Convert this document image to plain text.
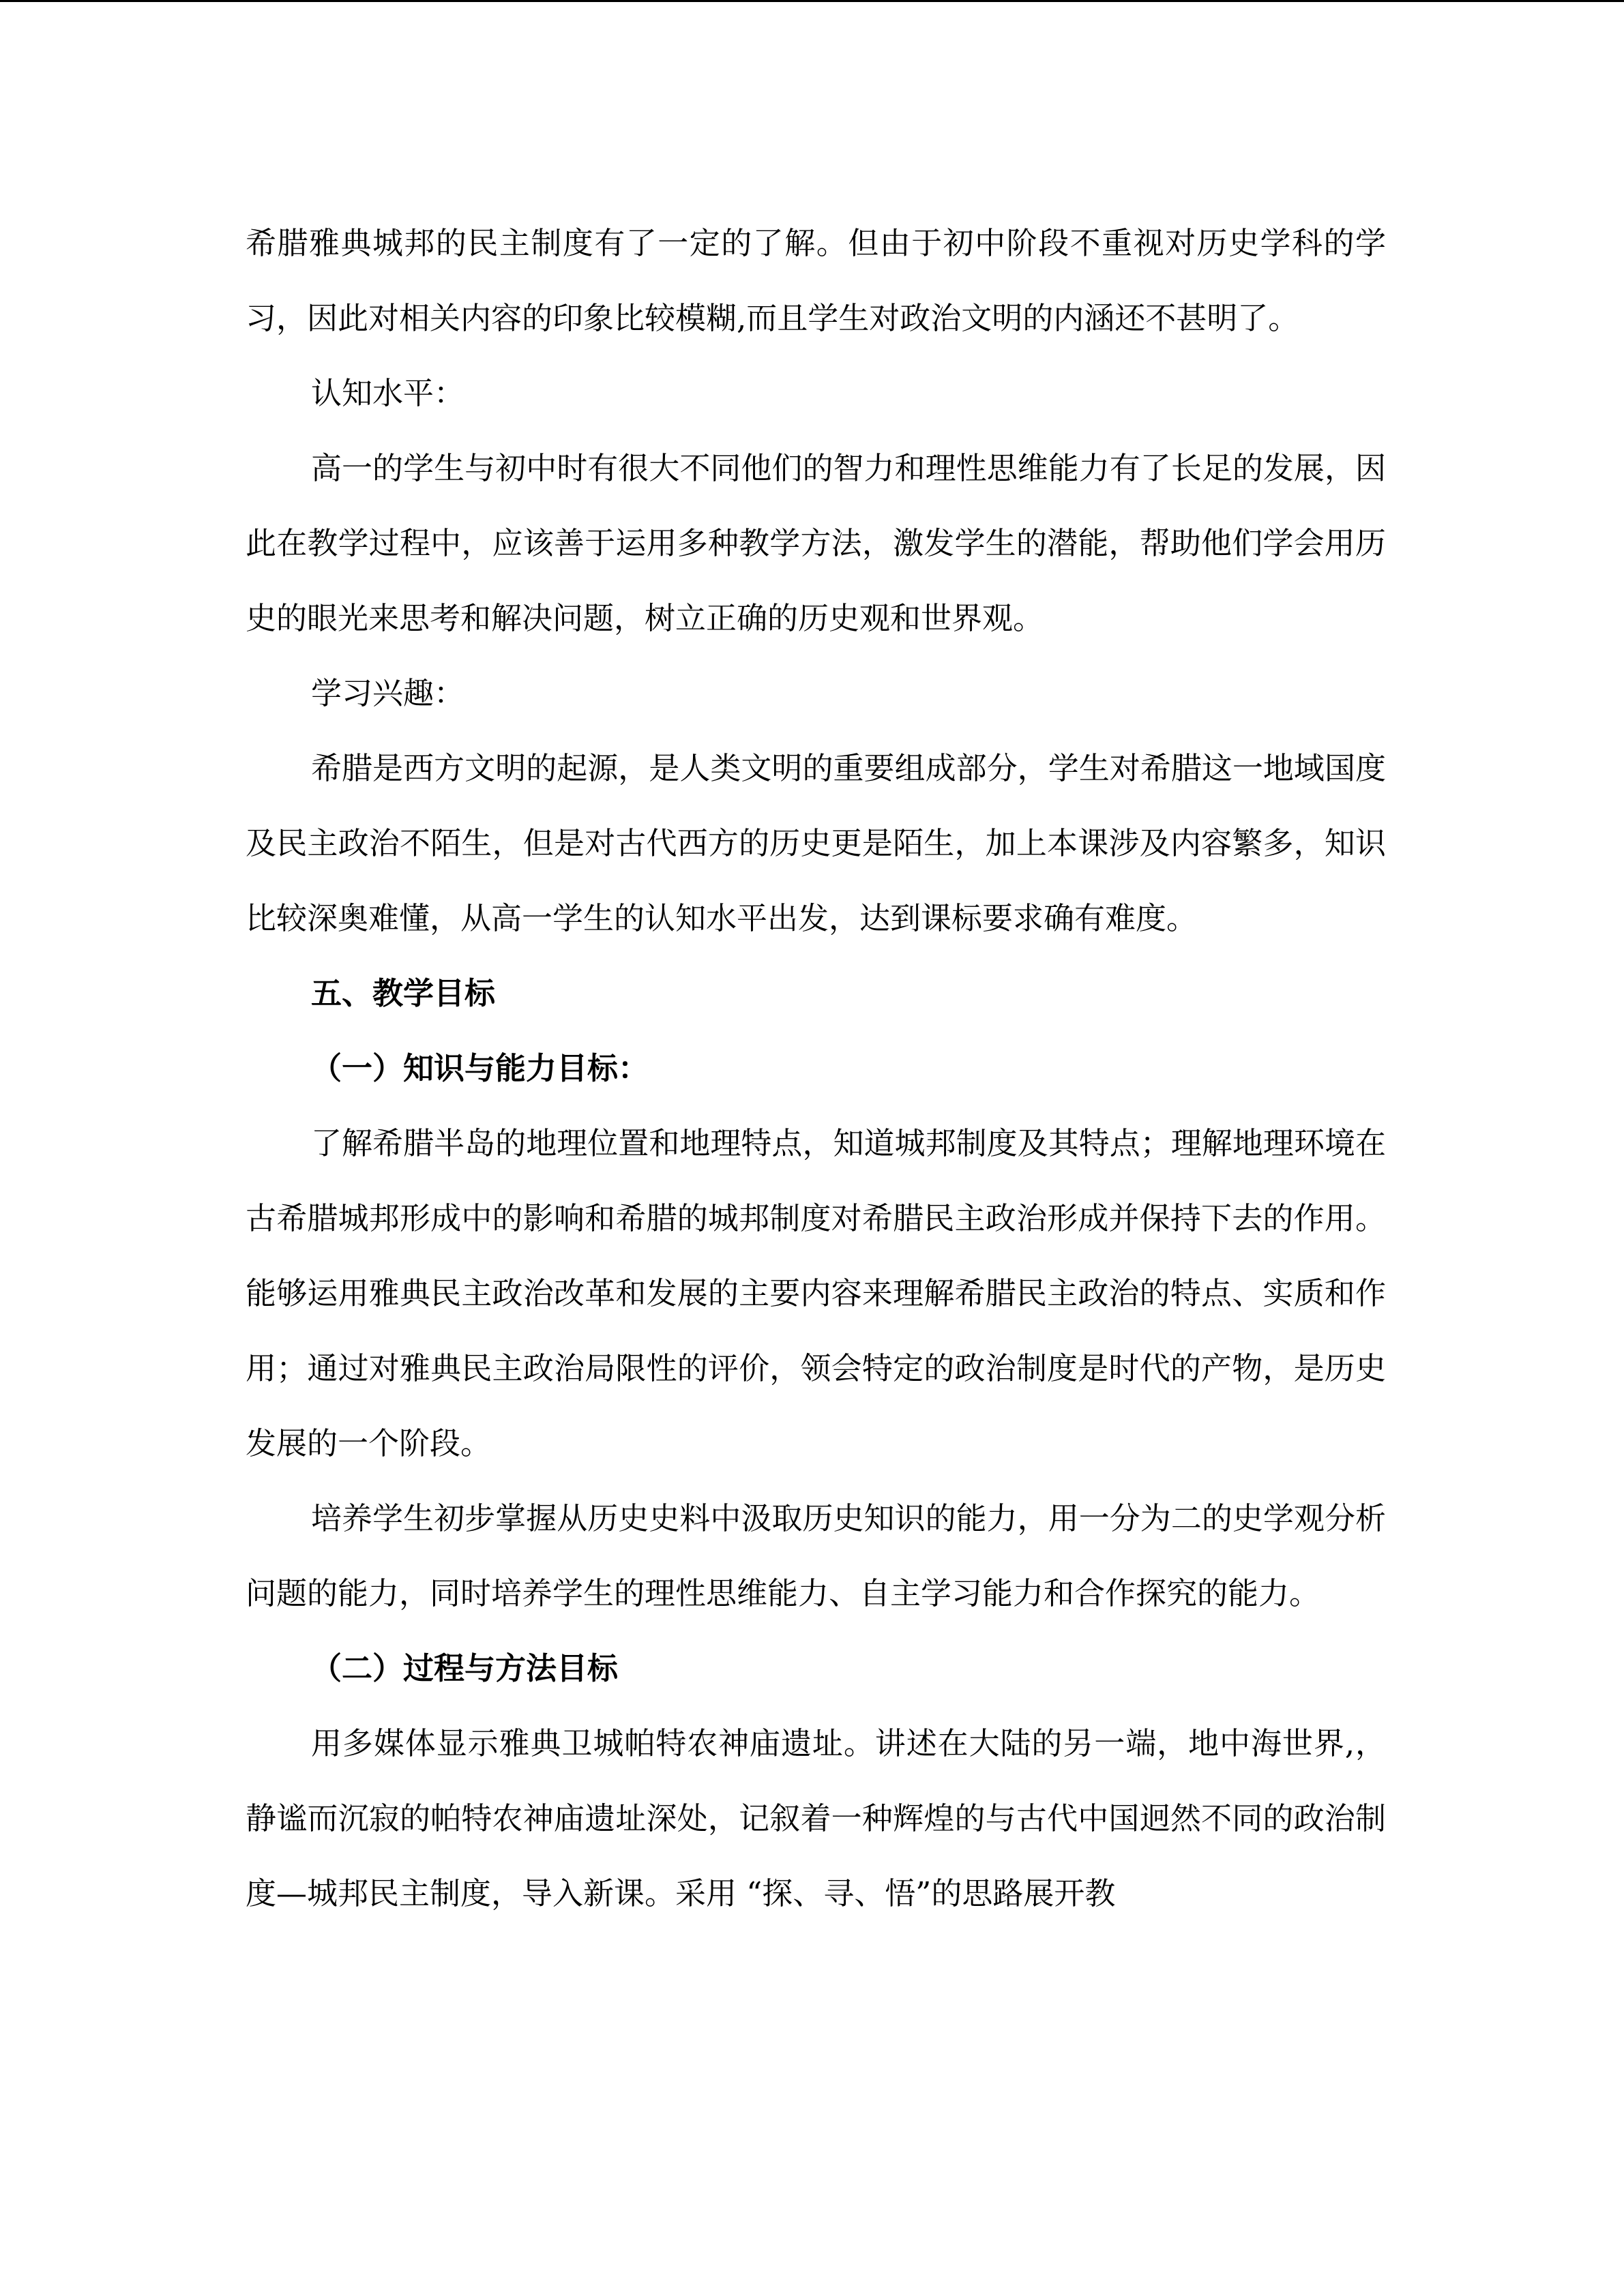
希腊雅典城邦的民主制度有了一定的了解。但由于初中阶段不重视对历史学科的学习，因此对相关内容的印象比较模糊,而且学生对政治文明的内涵还不甚明了。

认知水平：

高一的学生与初中时有很大不同他们的智力和理性思维能力有了长足的发展，因此在教学过程中，应该善于运用多种教学方法，激发学生的潜能，帮助他们学会用历史的眼光来思考和解决问题，树立正确的历史观和世界观。

学习兴趣：

希腊是西方文明的起源，是人类文明的重要组成部分，学生对希腊这一地域国度及民主政治不陌生，但是对古代西方的历史更是陌生，加上本课涉及内容繁多，知识比较深奥难懂，从高一学生的认知水平出发，达到课标要求确有难度。

五、教学目标
（一）知识与能力目标：

了解希腊半岛的地理位置和地理特点，知道城邦制度及其特点；理解地理环境在古希腊城邦形成中的影响和希腊的城邦制度对希腊民主政治形成并保持下去的作用。能够运用雅典民主政治改革和发展的主要内容来理解希腊民主政治的特点、实质和作用；通过对雅典民主政治局限性的评价，领会特定的政治制度是时代的产物，是历史发展的一个阶段。

培养学生初步掌握从历史史料中汲取历史知识的能力，用一分为二的史学观分析问题的能力，同时培养学生的理性思维能力、自主学习能力和合作探究的能力。

（二）过程与方法目标

用多媒体显示雅典卫城帕特农神庙遗址。讲述在大陆的另一端，地中海世界,，静谧而沉寂的帕特农神庙遗址深处，记叙着一种辉煌的与古代中国迥然不同的政治制度—城邦民主制度，导入新课。采用 “探、寻、悟”的思路展开教
